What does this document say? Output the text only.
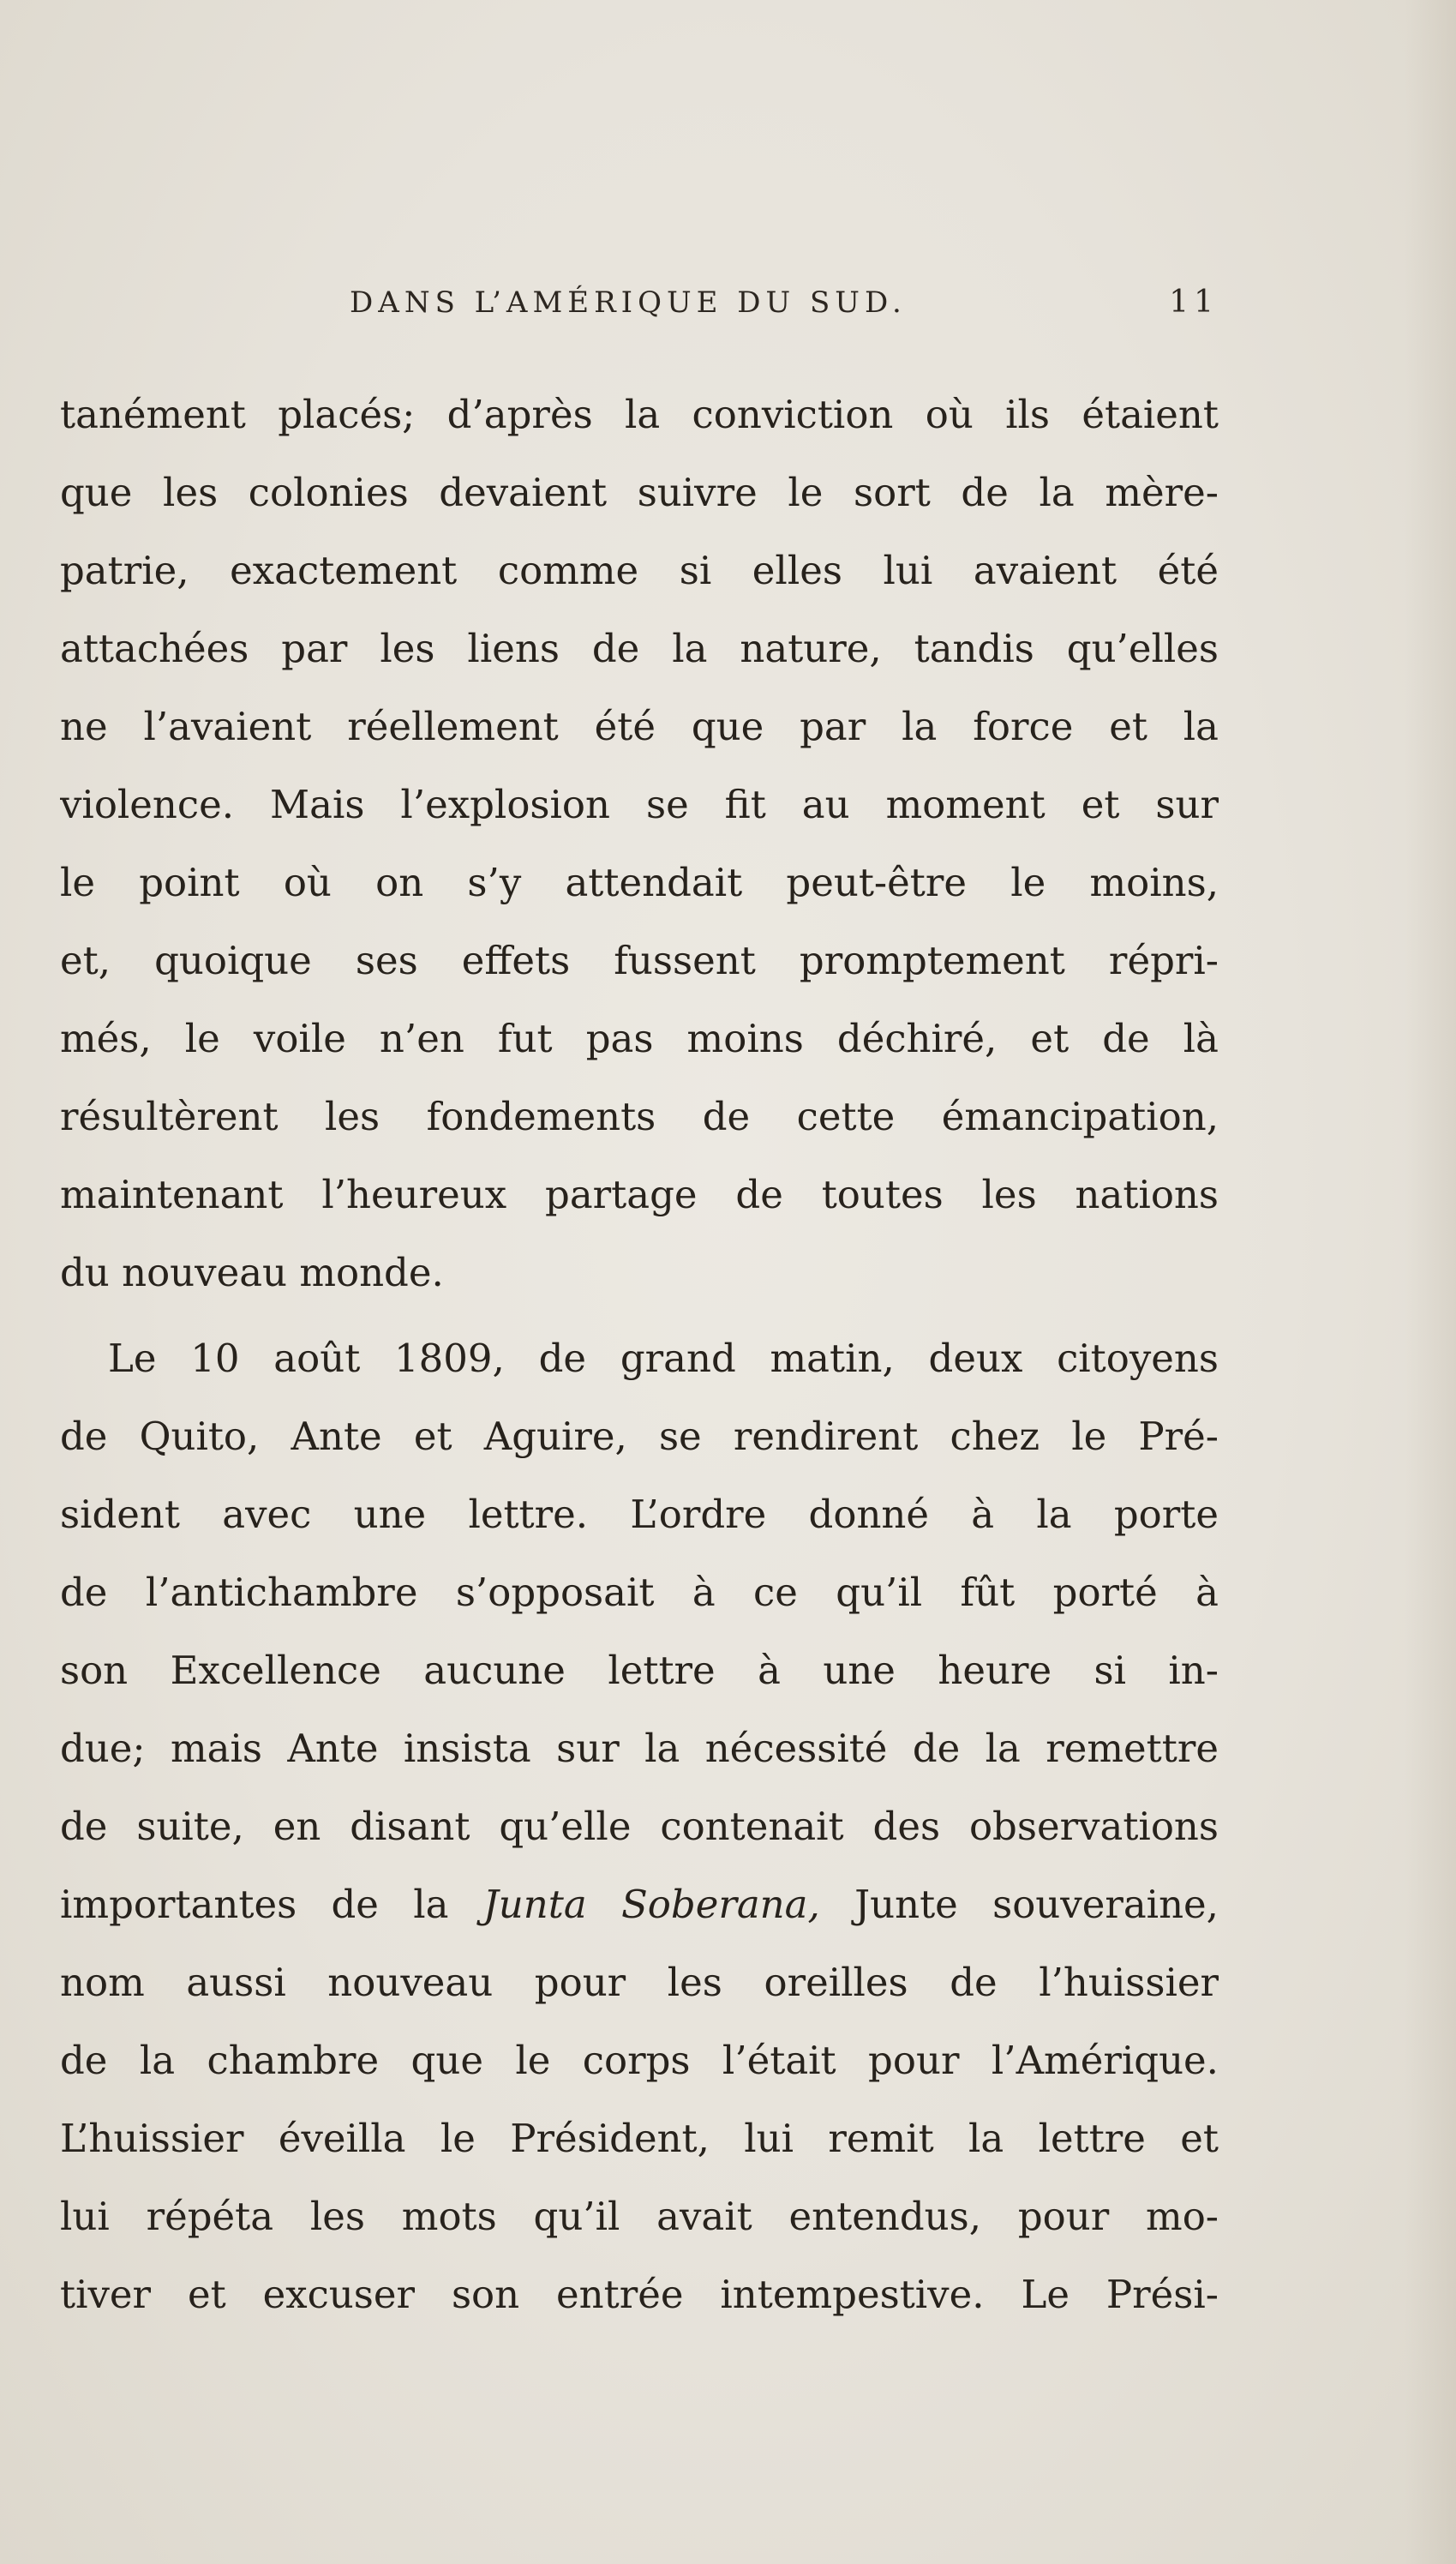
DANS L’AMÉRIQUE DU SUD.	11
tanément placés; d’après la conviction où ils étaient
que les colonies devaient suivre le sort de la mère-
patrie, exactement comme si elles lui avaient été
attachées par les liens de la nature, tandis qu’elles
ne l’avaient réellement été que par la force et la
violence. Mais l’explosion se fit au moment et sur
le point où on s’y attendait peut-être le moins,
et, quoique ses effets fussent promptement répri-
més, le voile n’en fut pas moins déchiré, et de là
résultèrent les fondements de cette émancipation,
maintenant l’heureux partage de toutes les nations
du nouveau monde.
Le 10 août 1809, de grand matin, deux citoyens
de Quito, Ante et Aguire, se rendirent chez le Pré-
sident avec une lettre. L’ordre donné à la porte
de l’antichambre s’opposait à ce qu’il fût porté à
son Excellence aucune lettre à une heure si in-
due; mais Ante insista sur la nécessité de la remettre
de suite, en disant qu’elle contenait des observations
importantes de la Junta Soberana, Junte souveraine,
nom aussi nouveau pour les oreilles de l’huissier
de la chambre que le corps l’était pour l’Amérique.
L’huissier éveilla le Président, lui remit la lettre et
lui répéta les mots qu’il avait entendus, pour mo-
tiver et excuser son entrée intempestive. Le Prési-
